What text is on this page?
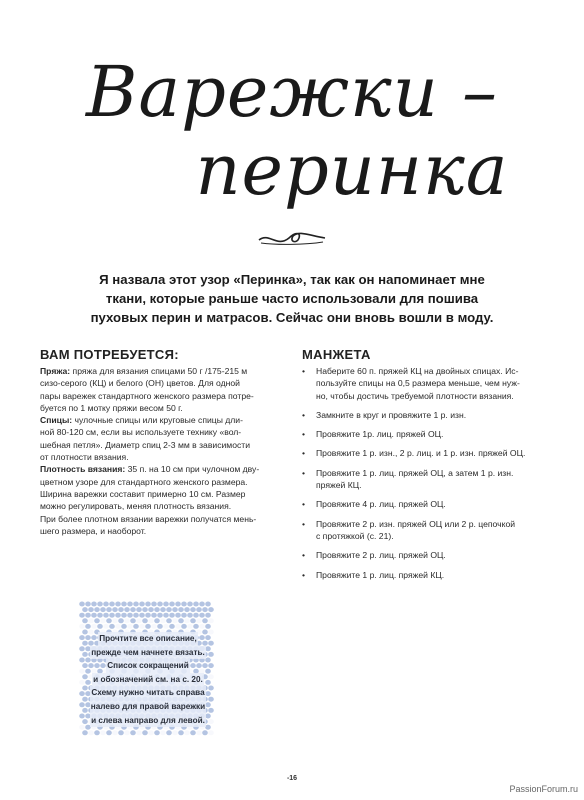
Варежки –
перинка
Я назвала этот узор «Перинка», так как он напоминает мне
ткани, которые раньше часто использовали для пошива
пуховых перин и матрасов. Сейчас они вновь вошли в моду.
ВАМ ПОТРЕБУЕТСЯ:

Пряжа: пряжа для вязания спицами 50 г /175-215 м
сизо-серого (КЦ) и белого (ОН) цветов. Для одной
пары варежек стандартного женского размера потре-
буется по 1 мотку пряжи весом 50 г.

Спицы: чулочные спицы или круговые спицы дли-
ной 80-120 см, если вы используете технику «вол-
шебная петля». Диаметр спиц 2-3 мм в зависимости
от плотности вязания.

Плотность вязания: 35 п. на 10 см при чулочном дву-
цветном узоре для стандартного женского размера.
Ширина варежки составит примерно 10 см. Размер
можно регулировать, меняя плотность вязания.
При более плотном вязании варежки получатся мень-
шего размера, и наоборот.

МАНЖЕТА
• Наберите 60 п. пряжей КЦ на двойных спицах. Ис-
пользуйте спицы на 0,5 размера меньше, чем нуж-
но, чтобы достичь требуемой плотности вязания.
• Замкните в круг и провяжите 1 р. изн.
• Провяжите 1р. лиц. пряжей ОЦ.
• Провяжите 1 р. изн., 2 р. лиц. и 1 р. изн. пряжей ОЦ.
• Провяжите 1 р. лиц. пряжей ОЦ, а затем 1 р. изн.
пряжей КЦ.
• Провяжите 4 р. лиц. пряжей ОЦ.
• Провяжите 2 р. изн. пряжей ОЦ или 2 р. цепочкой
с протяжкой (с. 21).
• Провяжите 2 р. лиц. пряжей ОЦ.
• Провяжите 1 р. лиц. пряжей КЦ.
Прочтите все описание,
прежде чем начнете вязать.
Список сокращений
и обозначений см. на с. 20.
Схему нужно читать справа
налево для правой варежки
и слева направо для левой.
-16
PassionForum.ru
